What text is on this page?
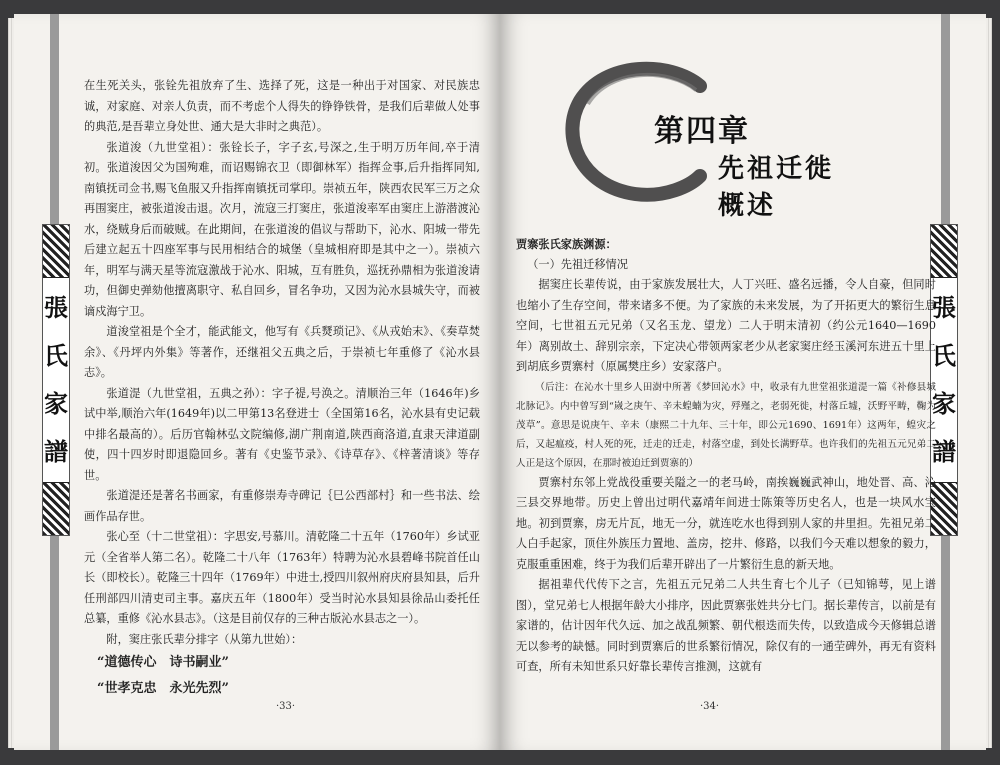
張
氏
家
譜

在生死关头，张铨先祖放弃了生、选择了死，这是一种出于对国家、对民族忠诚，对家庭、对亲人负责，而不考虑个人得失的铮铮铁骨，是我们后辈做人处事的典范,是吾辈立身处世、通大是大非时之典范）。

张道浚（九世堂祖）：张铨长子，字子玄,号深之,生于明万历年间,卒于清初。张道浚因父为国殉难，而诏赐锦衣卫（即御林军）指挥佥事,后升指挥同知,南镇抚司佥书,赐飞鱼服又升指挥南镇抚司掌印。崇祯五年，陕西农民军三万之众再围窦庄，被张道浚击退。次月，流寇三打窦庄，张道浚率军由窦庄上游潜渡沁水，绕贼身后而破贼。在此期间，在张道浚的倡议与帮助下，沁水、阳城一带先后建立起五十四座军事与民用相结合的城堡（皇城相府即是其中之一）。崇祯六年，明军与满天星等流寇激战于沁水、阳城，互有胜负，巡抚孙鼎相为张道浚请功，但御史弹劾他擅离职守、私自回乡，冒名争功，又因为沁水县城失守，而被谪戍海宁卫。

道浚堂祖是个全才，能武能文，他写有《兵燹琐记》、《从戎始末》、《奏草焚余》、《丹坪内外集》等著作，还继祖父五典之后，于崇祯七年重修了《沁水县志》。

张道湜（九世堂祖，五典之孙）：字子禔,号涣之。清顺治三年（1646年)乡试中举,顺治六年(1649年)以二甲第13名登进士（全国第16名，沁水县有史记载中排名最高的）。后历官翰林弘文院编修,湖广荆南道,陕西商洛道,直隶天津道副使，四十四岁时即退隐回乡。著有《史鉴节录》、《诗草存》、《梓著清谈》等存世。

张道湜还是著名书画家，有重修崇寿寺碑记｛巳公西部村｝和一些书法、绘画作品存世。

张心至（十二世堂祖）：字思安,号慕川。清乾隆二十五年（1760年）乡试亚元（全省举人第二名）。乾隆二十八年（1763年）特聘为沁水县碧峰书院首任山长（即校长）。乾隆三十四年（1769年）中进士,授四川叙州府庆府县知县，后升任刑部四川清吏司主事。嘉庆五年（1800年）受当时沁水县知县徐品山委托任总纂，重修《沁水县志》。（这是目前仅存的三种古版沁水县志之一）。

附，窦庄张氏辈分排字（从第九世始）：

“道德传心　诗书嗣业”

“世孝克忠　永光先烈”

·33·
張
氏
家
譜
第四章
先祖迁徙概述

贾寨张氏家族渊源：

（一）先祖迁移情况

据窦庄长辈传说，由于家族发展壮大，人丁兴旺、盛名远播，令人自豪，但同时也缩小了生存空间，带来诸多不便。为了家族的未来发展，为了开拓更大的繁衍生息空间，七世祖五元兄弟（又名玉龙、望龙）二人于明末清初（约公元1640—1690年）离别故土、辞别宗亲，下定决心带领两家老少从老家窦庄经玉溪河东进五十里上到胡底乡贾寨村（原属樊庄乡）安家落户。

（后注：在沁水十里乡人田澍中所著《梦回沁水》中，收录有九世堂祖张道湜一篇《补修县城北脉记》。内中曾写到“嵗之庚午、辛未蝗蝻为灾，殍殣之，老弱死徙，村落丘墟，沃野平畴，鞠为茂草”。意思是说庚午、辛未（康熙二十九年、三十年，即公元1690、1691年）这两年，蝗灾之后，又起瘟疫，村人死的死，迁走的迁走，村落空虚，到处长满野草。也许我们的先祖五元兄弟二人正是这个原因，在那时被迫迁到贾寨的）

贾寨村东邻上党战役重要关隘之一的老马岭，南挨巍巍武神山，地处晋、高、沁三县交界地带。历史上曾出过明代嘉靖年间进士陈策等历史名人，也是一块风水宝地。初到贾寨，房无片瓦，地无一分，就连吃水也得到别人家的井里担。先祖兄弟二人白手起家，顶住外族压力置地、盖房，挖井、修路，以我们今天难以想象的毅力，克服重重困难，终于为我们后辈开辟出了一片繁衍生息的新天地。

据祖辈代代传下之言，先祖五元兄弟二人共生育七个儿子（已知锦萼，见上谱图），堂兄弟七人根据年龄大小排序，因此贾寨张姓共分七门。据长辈传言，以前是有家谱的，估计因年代久远、加之战乱频繁、朝代根迭而失传，以致造成今天修辑总谱无以参考的缺憾。同时到贾寨后的世系繁衍情况，除仅有的一通茔碑外，再无有资料可查，所有未知世系只好靠长辈传言推测，这就有

·34·
